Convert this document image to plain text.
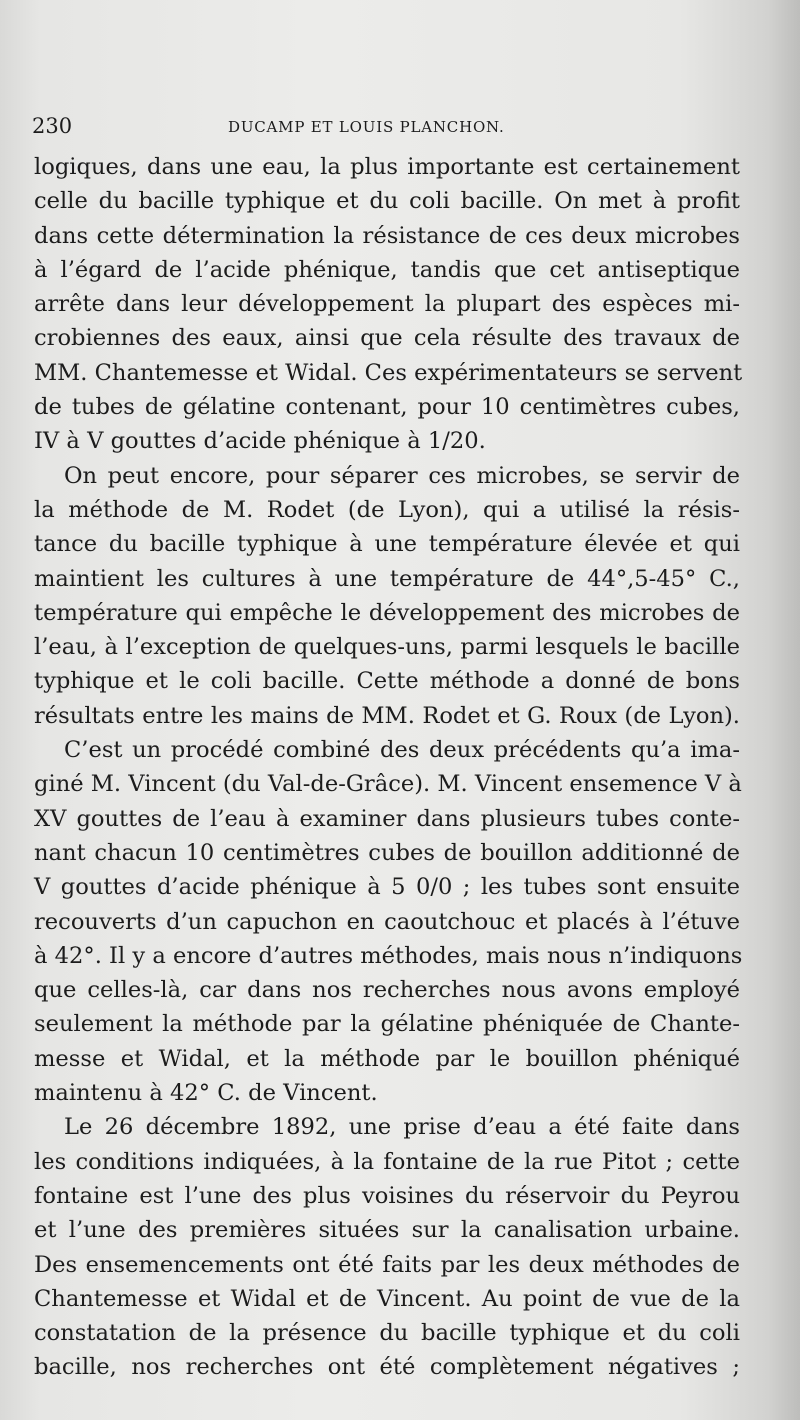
230	DUCAMP ET LOUIS PLANCHON.
logiques, dans une eau, la plus importante est certainement
celle du bacille typhique et du coli bacille. On met à profit
dans cette détermination la résistance de ces deux microbes
à l’égard de l’acide phénique, tandis que cet antiseptique
arrête dans leur développement la plupart des espèces mi-
crobiennes des eaux, ainsi que cela résulte des travaux de
MM. Chantemesse et Widal. Ces expérimentateurs se servent
de tubes de gélatine contenant, pour 10 centimètres cubes,
IV à V gouttes d’acide phénique à 1/20.
On peut encore, pour séparer ces microbes, se servir de
la méthode de M. Rodet (de Lyon), qui a utilisé la résis-
tance du bacille typhique à une température élevée et qui
maintient les cultures à une température de 44°,5-45° C.,
température qui empêche le développement des microbes de
l’eau, à l’exception de quelques-uns, parmi lesquels le bacille
typhique et le coli bacille. Cette méthode a donné de bons
résultats entre les mains de MM. Rodet et G. Roux (de Lyon).
C’est un procédé combiné des deux précédents qu’a ima-
giné M. Vincent (du Val-de-Grâce). M. Vincent ensemence V à
XV gouttes de l’eau à examiner dans plusieurs tubes conte-
nant chacun 10 centimètres cubes de bouillon additionné de
V gouttes d’acide phénique à 5 0/0 ; les tubes sont ensuite
recouverts d’un capuchon en caoutchouc et placés à l’étuve
à 42°. Il y a encore d’autres méthodes, mais nous n’indiquons
que celles-là, car dans nos recherches nous avons employé
seulement la méthode par la gélatine phéniquée de Chante-
messe et Widal, et la méthode par le bouillon phéniqué
maintenu à 42° C. de Vincent.
Le 26 décembre 1892, une prise d’eau a été faite dans
les conditions indiquées, à la fontaine de la rue Pitot ; cette
fontaine est l’une des plus voisines du réservoir du Peyrou
et l’une des premières situées sur la canalisation urbaine.
Des ensemencements ont été faits par les deux méthodes de
Chantemesse et Widal et de Vincent. Au point de vue de la
constatation de la présence du bacille typhique et du coli
bacille, nos recherches ont été complètement négatives ;
